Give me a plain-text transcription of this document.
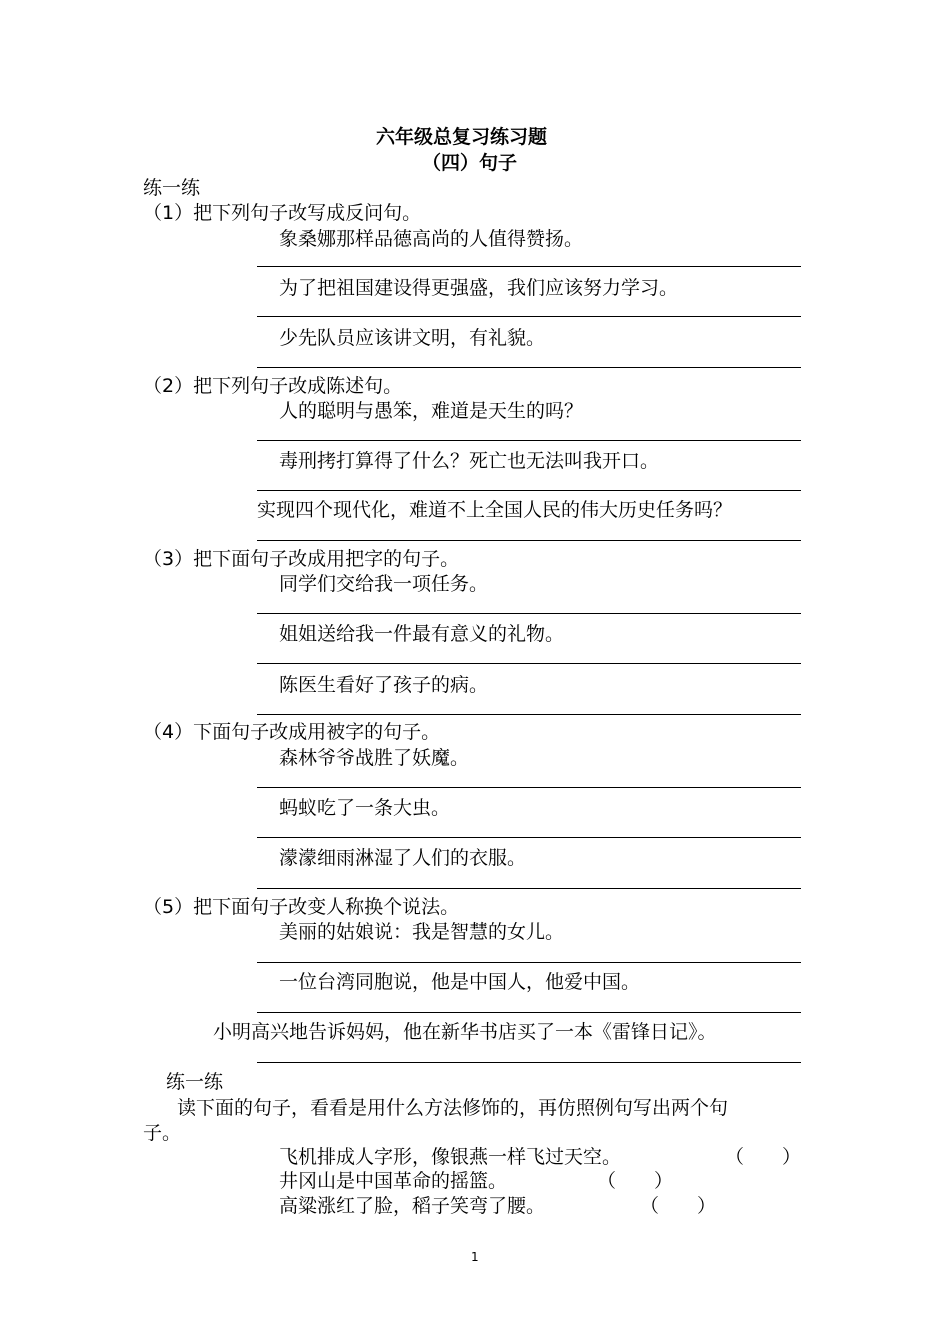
六年级总复习练习题
（四）句子
练一练
（1）把下列句子改写成反问句。
象桑娜那样品德高尚的人值得赞扬。
为了把祖国建设得更强盛，我们应该努力学习。
少先队员应该讲文明，有礼貌。
（2）把下列句子改成陈述句。
人的聪明与愚笨，难道是天生的吗？
毒刑拷打算得了什么？死亡也无法叫我开口。
实现四个现代化，难道不上全国人民的伟大历史任务吗？
（3）把下面句子改成用把字的句子。
同学们交给我一项任务。
姐姐送给我一件最有意义的礼物。
陈医生看好了孩子的病。
（4）下面句子改成用被字的句子。
森林爷爷战胜了妖魔。
蚂蚁吃了一条大虫。
濛濛细雨淋湿了人们的衣服。
（5）把下面句子改变人称换个说法。
美丽的姑娘说：我是智慧的女儿。
一位台湾同胞说，他是中国人，他爱中国。
小明高兴地告诉妈妈，他在新华书店买了一本《雷锋日记》。
练一练
读下面的句子，看看是用什么方法修饰的，再仿照例句写出两个句
子。
飞机排成人字形，像银燕一样飞过天空。	（　　）
井冈山是中国革命的摇篮。	（　　）
高粱涨红了脸，稻子笑弯了腰。	（　　）
1
